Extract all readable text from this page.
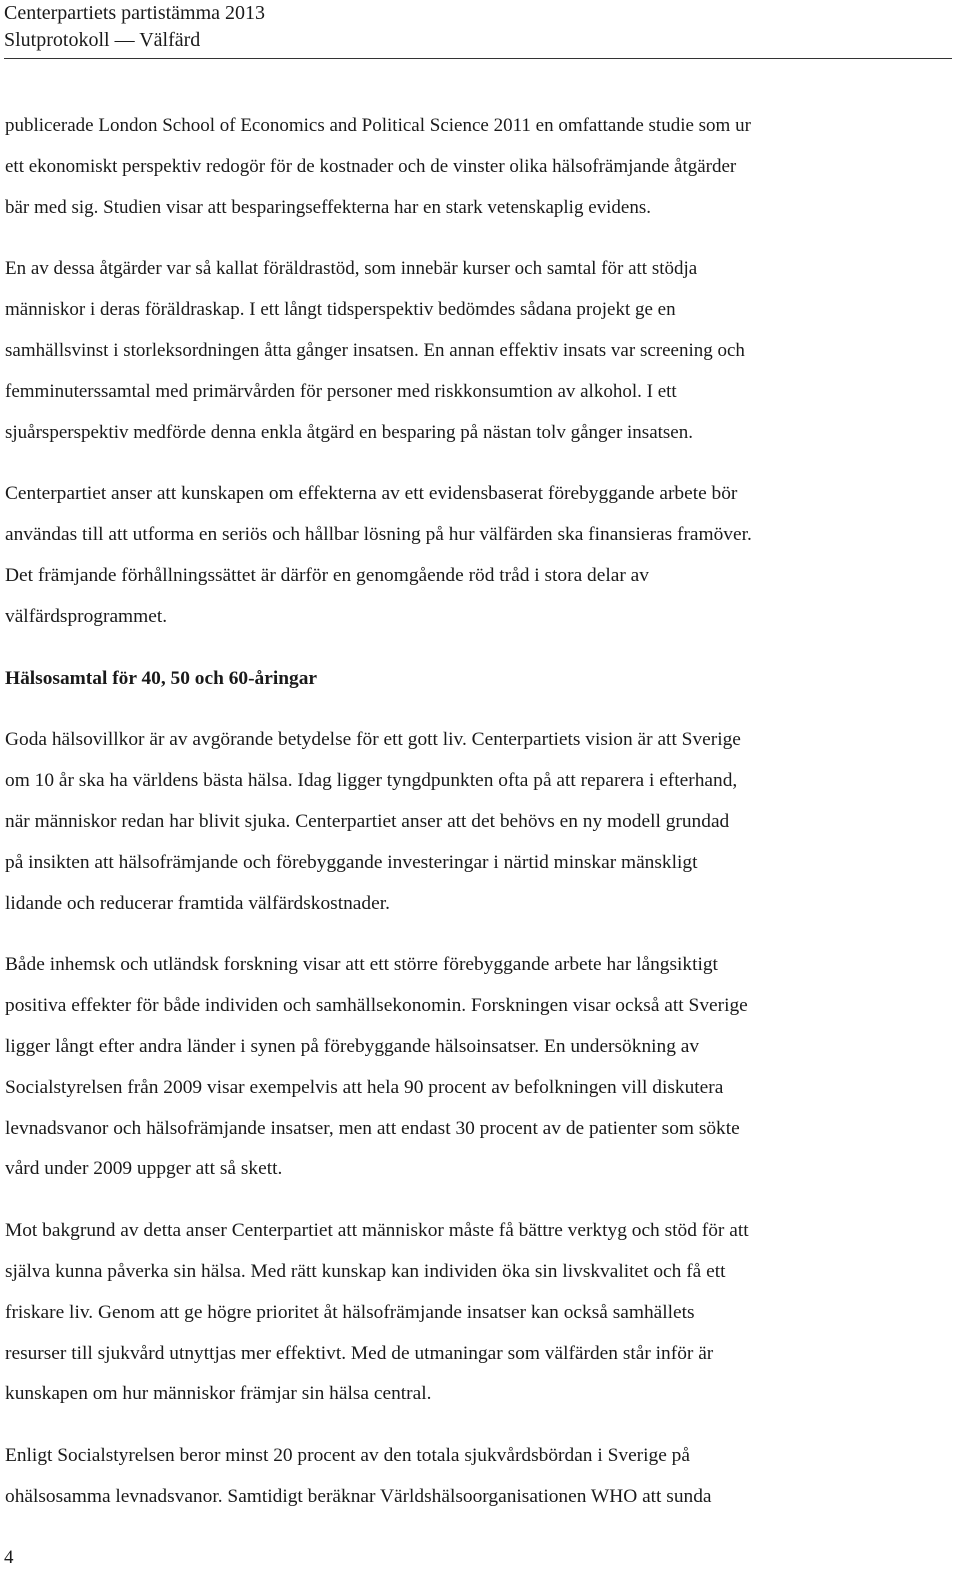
Centerpartiets partistämma 2013
Slutprotokoll — Välfärd

publicerade London School of Economics and Political Science 2011 en omfattande studie som ur
ett ekonomiskt perspektiv redogör för de kostnader och de vinster olika hälsofrämjande åtgärder
bär med sig. Studien visar att besparingseffekterna har en stark vetenskaplig evidens.

En av dessa åtgärder var så kallat föräldrastöd, som innebär kurser och samtal för att stödja
människor i deras föräldraskap. I ett långt tidsperspektiv bedömdes sådana projekt ge en
samhällsvinst i storleksordningen åtta gånger insatsen. En annan effektiv insats var screening och
femminuterssamtal med primärvården för personer med riskkonsumtion av alkohol. I ett
sjuårsperspektiv medförde denna enkla åtgärd en besparing på nästan tolv gånger insatsen.

Centerpartiet anser att kunskapen om effekterna av ett evidensbaserat förebyggande arbete bör
användas till att utforma en seriös och hållbar lösning på hur välfärden ska finansieras framöver.
Det främjande förhållningssättet är därför en genomgående röd tråd i stora delar av
välfärdsprogrammet.

Hälsosamtal för 40, 50 och 60-åringar

Goda hälsovillkor är av avgörande betydelse för ett gott liv. Centerpartiets vision är att Sverige
om 10 år ska ha världens bästa hälsa. Idag ligger tyngdpunkten ofta på att reparera i efterhand,
när människor redan har blivit sjuka. Centerpartiet anser att det behövs en ny modell grundad
på insikten att hälsofrämjande och förebyggande investeringar i närtid minskar mänskligt
lidande och reducerar framtida välfärdskostnader.

Både inhemsk och utländsk forskning visar att ett större förebyggande arbete har långsiktigt
positiva effekter för både individen och samhällsekonomin. Forskningen visar också att Sverige
ligger långt efter andra länder i synen på förebyggande hälsoinsatser. En undersökning av
Socialstyrelsen från 2009 visar exempelvis att hela 90 procent av befolkningen vill diskutera
levnadsvanor och hälsofrämjande insatser, men att endast 30 procent av de patienter som sökte
vård under 2009 uppger att så skett.

Mot bakgrund av detta anser Centerpartiet att människor måste få bättre verktyg och stöd för att
själva kunna påverka sin hälsa. Med rätt kunskap kan individen öka sin livskvalitet och få ett
friskare liv. Genom att ge högre prioritet åt hälsofrämjande insatser kan också samhällets
resurser till sjukvård utnyttjas mer effektivt. Med de utmaningar som välfärden står inför är
kunskapen om hur människor främjar sin hälsa central.

Enligt Socialstyrelsen beror minst 20 procent av den totala sjukvårdsbördan i Sverige på
ohälsosamma levnadsvanor. Samtidigt beräknar Världshälsoorganisationen WHO att sunda

4
